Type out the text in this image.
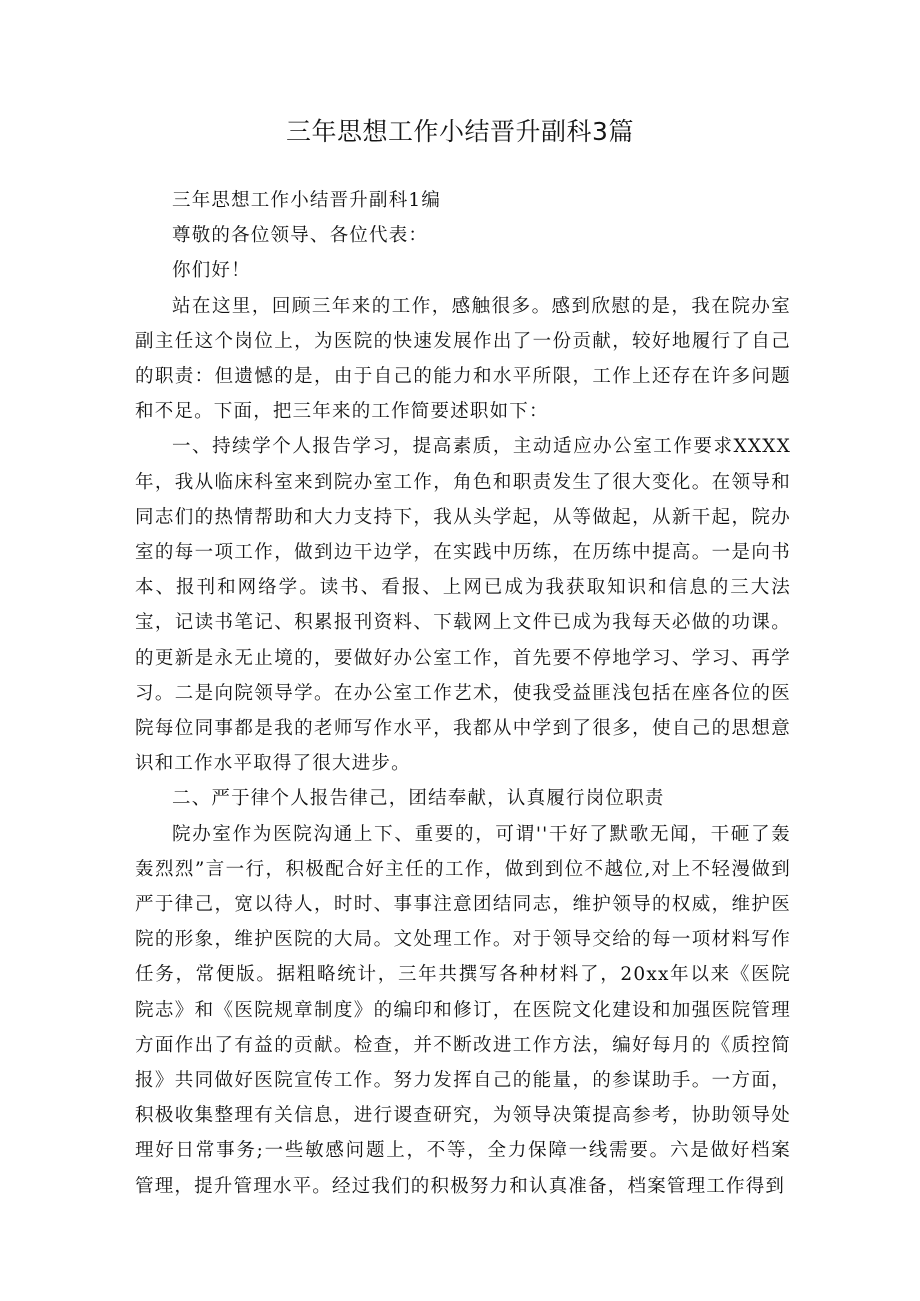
三年思想工作小结晋升副科3篇

三年思想工作小结晋升副科1编

尊敬的各位领导、各位代表：

你们好！

站在这里，回顾三年来的工作，感触很多。感到欣慰的是，我在院办室副主任这个岗位上，为医院的快速发展作出了一份贡献，较好地履行了自己的职责：但遗憾的是，由于自己的能力和水平所限，工作上还存在许多问题和不足。下面，把三年来的工作简要述职如下：

一、持续学个人报告学习，提高素质，主动适应办公室工作要求XXXX年，我从临床科室来到院办室工作，角色和职责发生了很大变化。在领导和同志们的热情帮助和大力支持下，我从头学起，从等做起，从新干起，院办室的每一项工作，做到边干边学，在实践中历练，在历练中提高。一是向书本、报刊和网络学。读书、看报、上网已成为我获取知识和信息的三大法宝，记读书笔记、积累报刊资料、下载网上文件已成为我每天必做的功课。的更新是永无止境的，要做好办公室工作，首先要不停地学习、学习、再学习。二是向院领导学。在办公室工作艺术，使我受益匪浅包括在座各位的医院每位同事都是我的老师写作水平，我都从中学到了很多，使自己的思想意识和工作水平取得了很大进步。

二、严于律个人报告律己，团结奉献，认真履行岗位职责

院办室作为医院沟通上下、重要的，可谓''干好了默歌无闻，干砸了轰轰烈烈”言一行，积极配合好主任的工作，做到到位不越位,对上不轻漫做到严于律己，宽以待人，时时、事事注意团结同志，维护领导的权威，维护医院的形象，维护医院的大局。文处理工作。对于领导交给的每一项材料写作任务，常便版。据粗略统计，三年共撰写各种材料了，20xx年以来《医院院志》和《医院规章制度》的编印和修订，在医院文化建设和加强医院管理方面作出了有益的贡献。检查，并不断改进工作方法，编好每月的《质控简报》共同做好医院宣传工作。努力发挥自己的能量，的参谋助手。一方面，积极收集整理有关信息，进行谡查研究，为领导决策提高参考，协助领导处理好日常事务;一些敏感问题上，不等，全力保障一线需要。六是做好档案管理，提升管理水平。经过我们的积极努力和认真准备，档案管理工作得到
